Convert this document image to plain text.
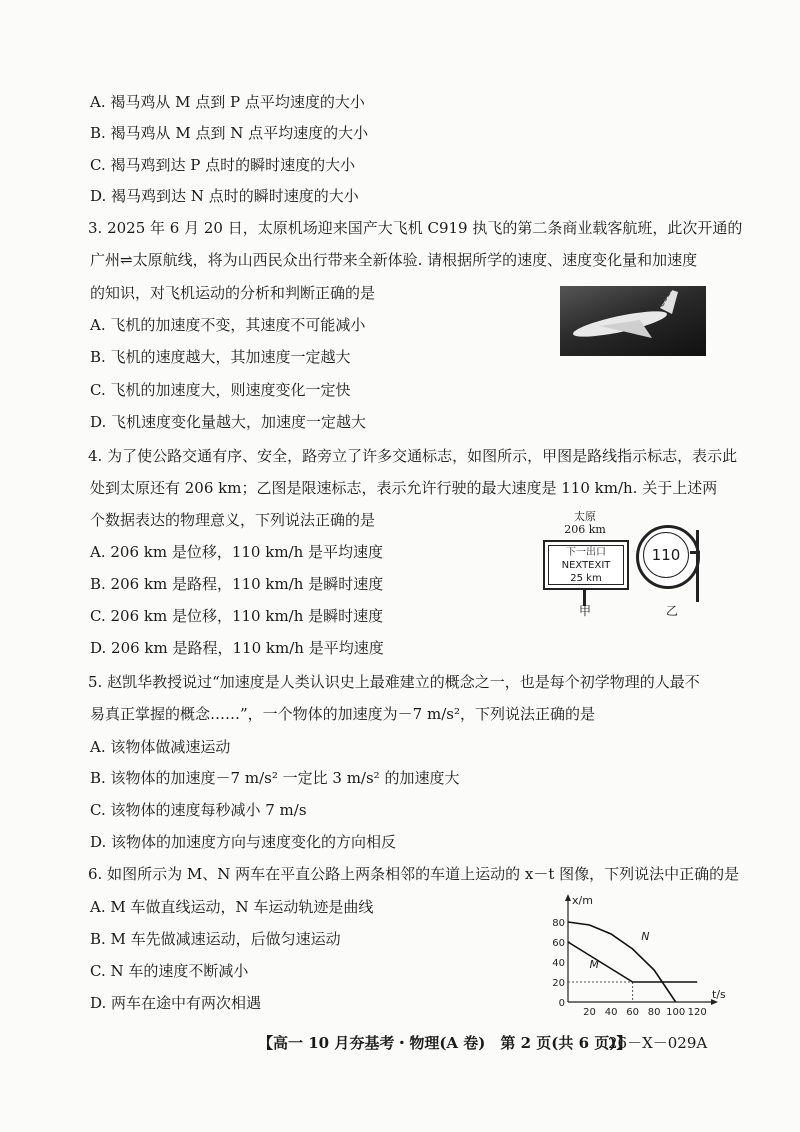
A. 褐马鸡从 M 点到 P 点平均速度的大小
B. 褐马鸡从 M 点到 N 点平均速度的大小
C. 褐马鸡到达 P 点时的瞬时速度的大小
D. 褐马鸡到达 N 点时的瞬时速度的大小
3. 2025 年 6 月 20 日，太原机场迎来国产大飞机 C919 执飞的第二条商业载客航班，此次开通的
广州⇌太原航线，将为山西民众出行带来全新体验. 请根据所学的速度、速度变化量和加速度
的知识，对飞机运动的分析和判断正确的是
A. 飞机的加速度不变，其速度不可能减小
B. 飞机的速度越大，其加速度一定越大
C. 飞机的加速度大，则速度变化一定快
D. 飞机速度变化量越大，加速度一定越大
C919
4. 为了使公路交通有序、安全，路旁立了许多交通标志，如图所示，甲图是路线指示标志，表示此
处到太原还有 206 km；乙图是限速标志，表示允许行驶的最大速度是 110 km/h. 关于上述两
个数据表达的物理意义，下列说法正确的是
A. 206 km 是位移，110 km/h 是平均速度
B. 206 km 是路程，110 km/h 是瞬时速度
C. 206 km 是位移，110 km/h 是瞬时速度
D. 206 km 是路程，110 km/h 是平均速度
太原
206 km
下一出口
NEXTEXIT
25 km
甲
110
乙
5. 赵凯华教授说过“加速度是人类认识史上最难建立的概念之一，也是每个初学物理的人最不
易真正掌握的概念……”，一个物体的加速度为－7 m/s²，下列说法正确的是
A. 该物体做减速运动
B. 该物体的加速度－7 m/s² 一定比 3 m/s² 的加速度大
C. 该物体的速度每秒减小 7 m/s
D. 该物体的加速度方向与速度变化的方向相反
6. 如图所示为 M、N 两车在平直公路上两条相邻的车道上运动的 x－t 图像，下列说法中正确的是
A. M 车做直线运动，N 车运动轨迹是曲线
B. M 车先做减速运动，后做匀速运动
C. N 车的速度不断减小
D. 两车在途中有两次相遇	t/s
x/m
20 40 60 80 100 120
20
40
60
80
0
N
M
【高一 10 月夯基考・物理(A 卷)　第 2 页(共 6 页)】
26－X－029A
